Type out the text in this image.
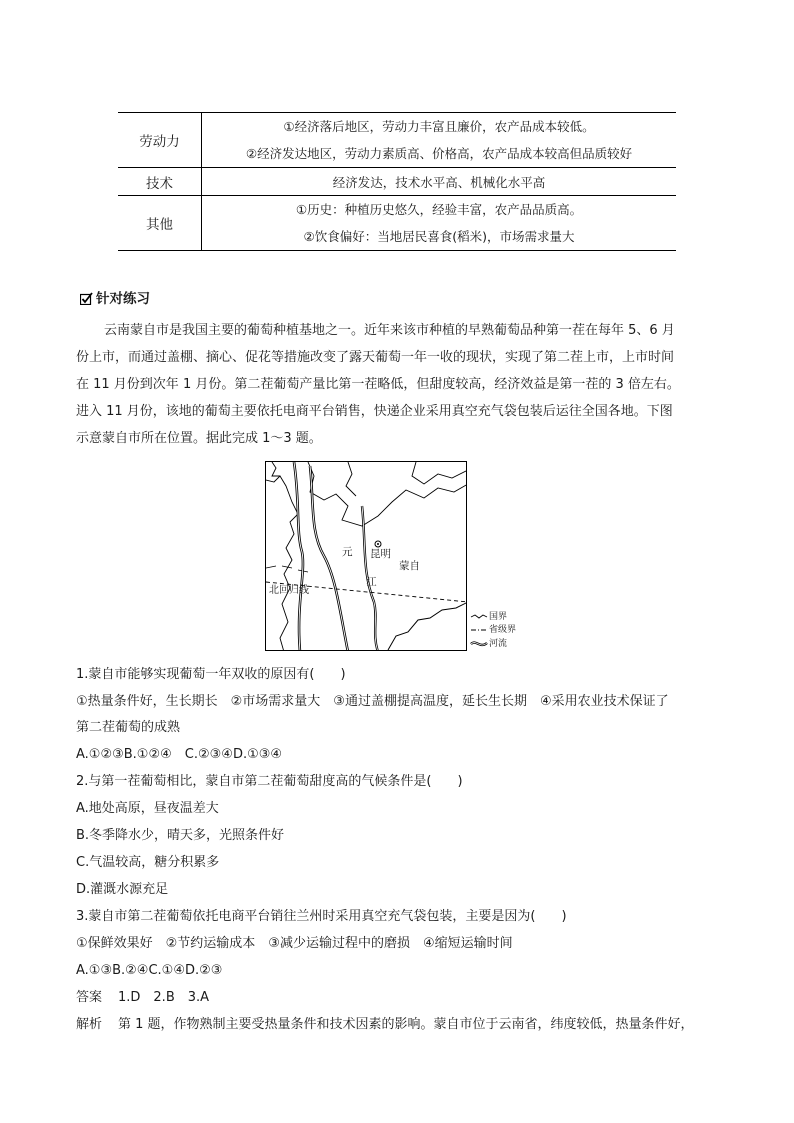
劳动力	①经济落后地区，劳动力丰富且廉价，农产品成本较低。
②经济发达地区，劳动力素质高、价格高，农产品成本较高但品质较好

技术	经济发达，技术水平高、机械化水平高
其他	①历史：种植历史悠久，经验丰富，农产品品质高。
②饮食偏好：当地居民喜食(稻米)，市场需求量大
针对练习
云南蒙自市是我国主要的葡萄种植基地之一。近年来该市种植的早熟葡萄品种第一茬在每年 5、6 月
份上市，而通过盖棚、摘心、促花等措施改变了露天葡萄一年一收的现状，实现了第二茬上市，上市时间
在 11 月份到次年 1 月份。第二茬葡萄产量比第一茬略低，但甜度较高，经济效益是第一茬的 3 倍左右。
进入 11 月份，该地的葡萄主要依托电商平台销售，快递企业采用真空充气袋包装后运往全国各地。下图
示意蒙自市所在位置。据此完成 1～3 题。
昆明
蒙自
元
江
北回归线
国界
省级界
河流
1.蒙自市能够实现葡萄一年双收的原因有(　　)
①热量条件好，生长期长　②市场需求量大　③通过盖棚提高温度，延长生长期　④采用农业技术保证了
第二茬葡萄的成熟
A.①②③B.①②④　C.②③④D.①③④
2.与第一茬葡萄相比，蒙自市第二茬葡萄甜度高的气候条件是(　　)
A.地处高原，昼夜温差大
B.冬季降水少，晴天多，光照条件好
C.气温较高，糖分积累多
D.灌溉水源充足
3.蒙自市第二茬葡萄依托电商平台销往兰州时采用真空充气袋包装，主要是因为(　　)
①保鲜效果好　②节约运输成本　③减少运输过程中的磨损　④缩短运输时间
A.①③B.②④C.①④D.②③
答案 1.D　2.B　3.A
解析 第 1 题，作物熟制主要受热量条件和技术因素的影响。蒙自市位于云南省，纬度较低，热量条件好，
